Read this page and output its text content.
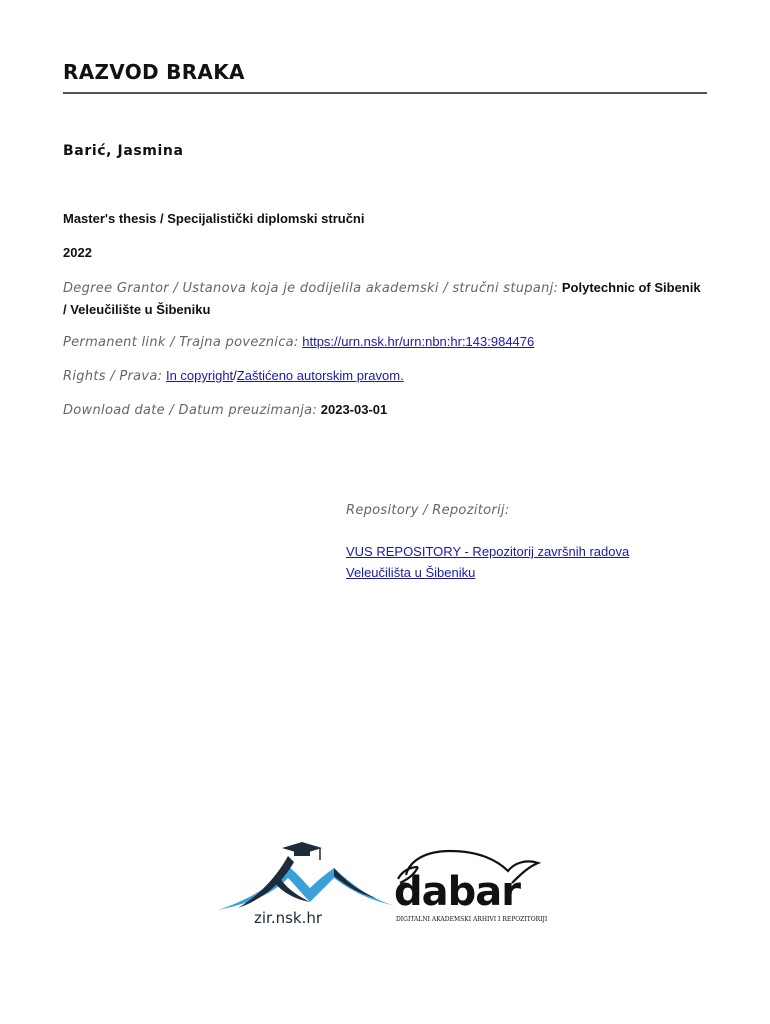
RAZVOD BRAKA
Barić, Jasmina
Master's thesis / Specijalistički diplomski stručni
2022
Degree Grantor / Ustanova koja je dodijelila akademski / stručni stupanj: Polytechnic of Sibenik / Veleučilište u Šibeniku
Permanent link / Trajna poveznica: https://urn.nsk.hr/urn:nbn:hr:143:984476
Rights / Prava: In copyright/Zaštićeno autorskim pravom.
Download date / Datum preuzimanja: 2023-03-01
Repository / Repozitorij:
VUS REPOSITORY - Repozitorij završnih radova Veleučilišta u Šibeniku
zir.nsk.hr
dabar
DIGITALNI AKADEMSKI ARHIVI I REPOZITORIJI
